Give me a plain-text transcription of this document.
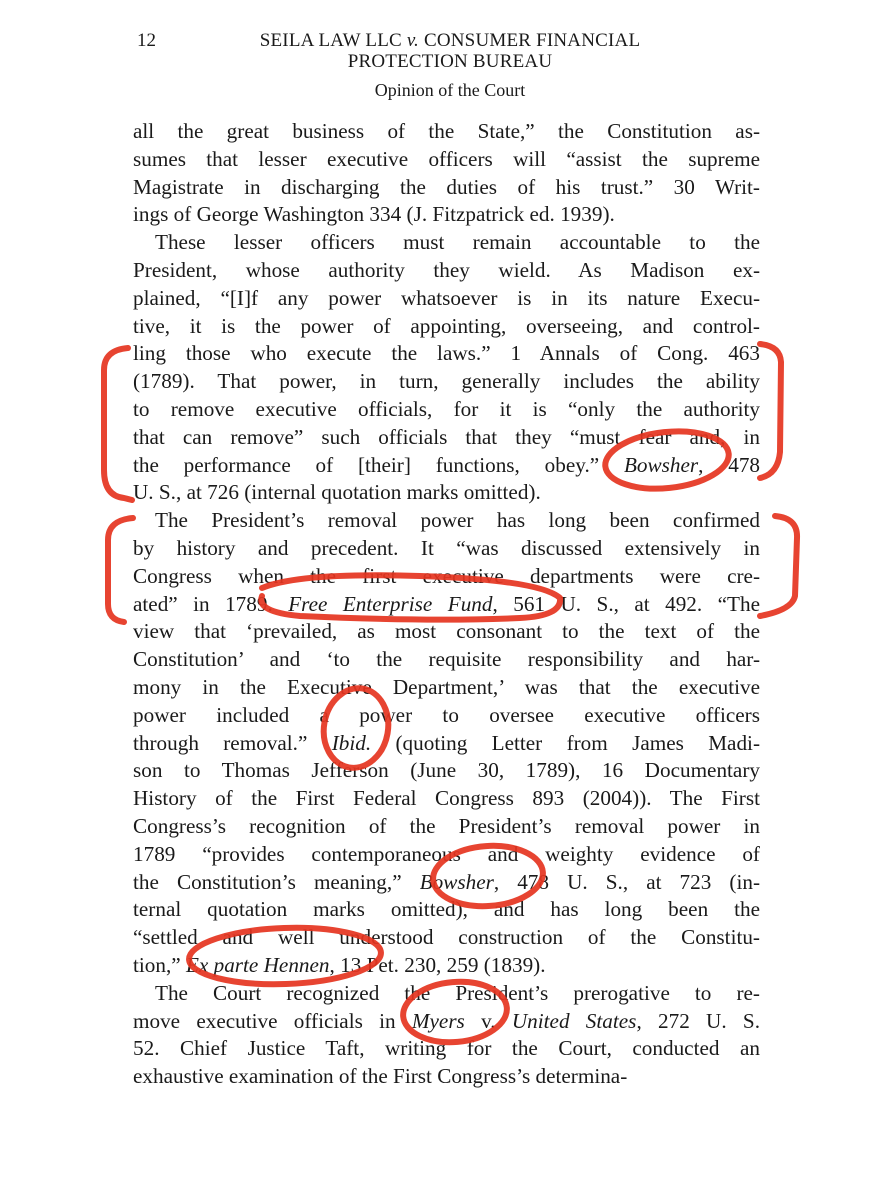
12	SEILA LAW LLC v. CONSUMER FINANCIAL
PROTECTION BUREAU
Opinion of the Court
all the great business of the State,” the Constitution as-
sumes that lesser executive officers will “assist the supreme
Magistrate in discharging the duties of his trust.” 30 Writ-
ings of George Washington 334 (J. Fitzpatrick ed. 1939).
These lesser officers must remain accountable to the
President, whose authority they wield. As Madison ex-
plained, “[I]f any power whatsoever is in its nature Execu-
tive, it is the power of appointing, overseeing, and control-
ling those who execute the laws.” 1 Annals of Cong. 463
(1789). That power, in turn, generally includes the ability
to remove executive officials, for it is “only the authority
that can remove” such officials that they “must fear and, in
the performance of [their] functions, obey.” Bowsher, 478
U. S., at 726 (internal quotation marks omitted).
The President’s removal power has long been confirmed
by history and precedent. It “was discussed extensively in
Congress when the first executive departments were cre-
ated” in 1789. Free Enterprise Fund, 561 U. S., at 492. “The
view that ‘prevailed, as most consonant to the text of the
Constitution’ and ‘to the requisite responsibility and har-
mony in the Executive Department,’ was that the executive
power included a power to oversee executive officers
through removal.” Ibid. (quoting Letter from James Madi-
son to Thomas Jefferson (June 30, 1789), 16 Documentary
History of the First Federal Congress 893 (2004)). The First
Congress’s recognition of the President’s removal power in
1789 “provides contemporaneous and weighty evidence of
the Constitution’s meaning,” Bowsher, 478 U. S., at 723 (in-
ternal quotation marks omitted), and has long been the
“settled and well understood construction of the Constitu-
tion,” Ex parte Hennen, 13 Pet. 230, 259 (1839).
The Court recognized the President’s prerogative to re-
move executive officials in Myers v. United States, 272 U. S.
52. Chief Justice Taft, writing for the Court, conducted an
exhaustive examination of the First Congress’s determina-
